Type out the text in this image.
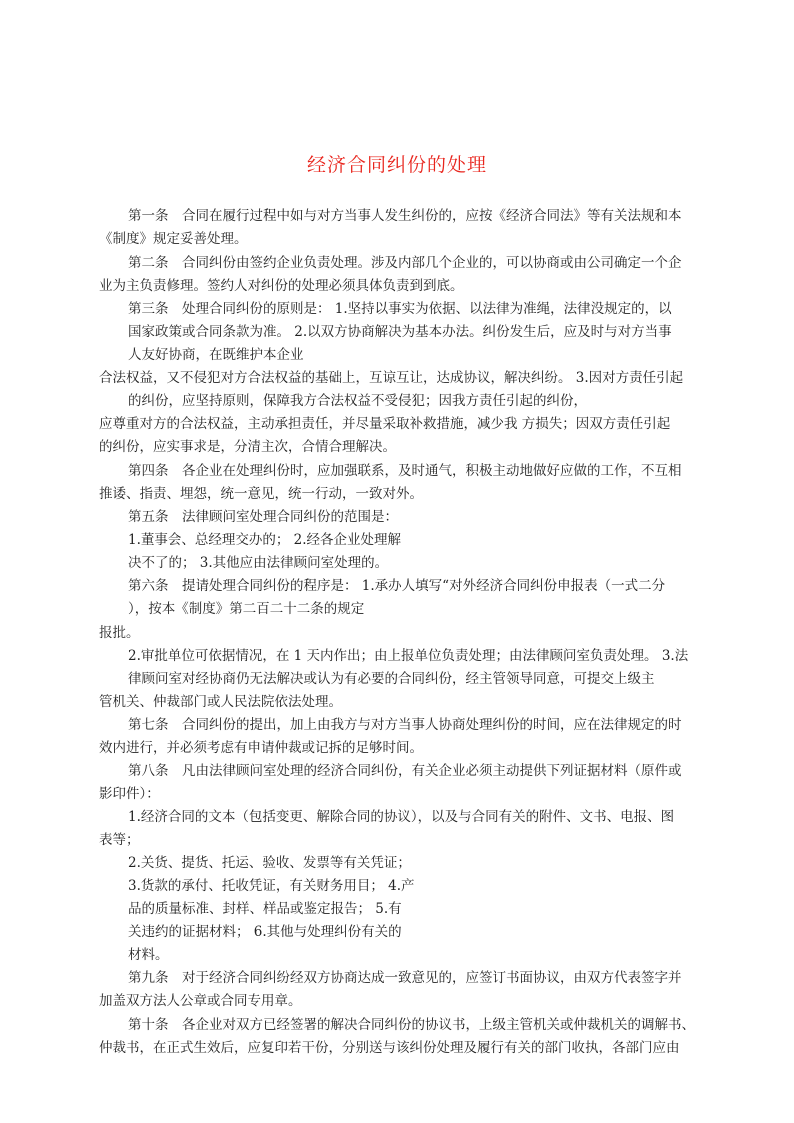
经济合同纠份的处理
第一条　合同在履行过程中如与对方当事人发生纠份的，应按《经济合同法》等有关法规和本
《制度》规定妥善处理。
第二条　合同纠份由签约企业负责处理。涉及内部几个企业的，可以协商或由公司确定一个企
业为主负责修理。签约人对纠份的处理必须具体负责到到底。
第三条　处理合同纠份的原则是： 1.坚持以事实为依据、以法律为准绳，法律没规定的，以
国家政策或合同条款为准。 2.以双方协商解决为基本办法。纠份发生后，应及时与对方当事
人友好协商，在既维护本企业
合法权益，又不侵犯对方合法权益的基础上，互谅互让，达成协议，解决纠纷。 3.因对方责任引起
的纠份，应坚持原则，保障我方合法权益不受侵犯；因我方责任引起的纠份，
应尊重对方的合法权益，主动承担责任，并尽量采取补救措施，减少我 方损失；因双方责任引起
的纠份，应实事求是，分清主次，合情合理解决。
第四条　各企业在处理纠份时，应加强联系，及时通气，积极主动地做好应做的工作，不互相
推诿、指责、埋怨，统一意见，统一行动，一致对外。
第五条　法律顾问室处理合同纠份的范围是：
1.董事会、总经理交办的； 2.经各企业处理解
决不了的； 3.其他应由法律顾问室处理的。
第六条　提请处理合同纠份的程序是： 1.承办人填写“对外经济合同纠份申报表（一式二分
），按本《制度》第二百二十二条的规定
报批。
2.审批单位可依据情况，在 1 天内作出；由上报单位负责处理；由法律顾问室负责处理。 3.法
律顾问室对经协商仍无法解决或认为有必要的合同纠份，经主管领导同意，可提交上级主
管机关、仲裁部门或人民法院依法处理。
第七条　合同纠份的提出，加上由我方与对方当事人协商处理纠份的时间，应在法律规定的时
效内进行，并必须考虑有申请仲裁或记拆的足够时间。
第八条　凡由法律顾问室处理的经济合同纠份，有关企业必须主动提供下列证据材料（原件或
影印件）：
1.经济合同的文本（包括变更、解除合同的协议），以及与合同有关的附件、文书、电报、图
表等；
2.关货、提货、托运、验收、发票等有关凭证；
3.货款的承付、托收凭证，有关财务用目； 4.产
品的质量标准、封样、样品或鉴定报告； 5.有
关违约的证据材料； 6.其他与处理纠份有关的
材料。
第九条　对于经济合同纠纷经双方协商达成一致意见的，应签订书面协议，由双方代表签字并
加盖双方法人公章或合同专用章。
第十条　各企业对双方已经签署的解决合同纠份的协议书，上级主管机关或仲裁机关的调解书、
仲裁书，在正式生效后，应复印若干份，分别送与该纠份处理及履行有关的部门收执，各部门应由
